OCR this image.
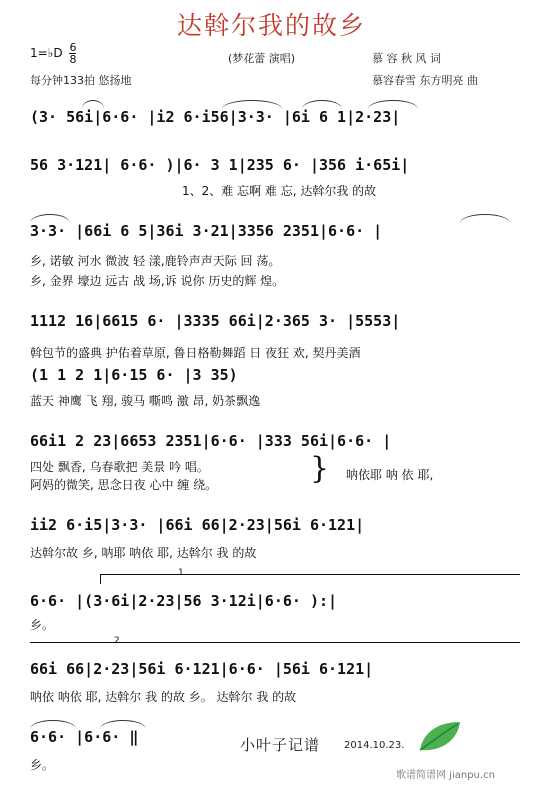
达斡尔我的故乡
1=♭D $\frac{6}{8}$	(梦花蕾 演唱)	慕 容 秋 风 词
每分钟133拍 悠扬地	慕容春雪 东方明亮 曲
(3· 56i|6·6· |i2 6·i56|3·3· |6i 6 1|2·23|
56 3·121| 6·6· )|6· 3 1|235 6· |356 i·65i|
1、2、难 忘啊 难 忘, 达斡尔我 的故
3·3· |66i 6 5|36i 3·21|3356 2351|6·6· |
乡, 诺敏 河水 微波 轻 漾,鹿铃声声天际 回 荡。
乡, 金界 壕边 远古 战 场,诉 说你 历史的辉 煌。
1112 16|6615 6· |3335 66i|2·365 3· |5553|
斡包节的盛典 护佑着草原, 鲁日格勒舞蹈 日 夜狂 欢, 契丹美酒
(1 1 2 1|6·15 6· |3 35)
蓝天 神鹰 飞 翔, 骏马 嘶鸣 激 昂, 奶茶飘逸
66i1 2 23|6653 2351|6·6· |333 56i|6·6· |
四处 飘香, 乌春歌把 美景 吟 唱。
阿妈的微笑, 思念日夜 心中 缠 绕。	} 呐依耶 呐 依 耶,
ii2 6·i5|3·3· |66i 66|2·23|56i 6·121|
达斡尔故 乡, 呐耶 呐依 耶, 达斡尔 我 的故
1
6·6· |(3·6i|2·23|56 3·12i|6·6· ):|
乡。
2
66i 66|2·23|56i 6·121|6·6· |56i 6·121|
呐依 呐依 耶, 达斡尔 我 的故 乡。 达斡尔 我 的故
6·6· |6·6· ‖
乡。
小叶子记谱 2014.10.23.
歌谱简谱网 jianpu.cn
